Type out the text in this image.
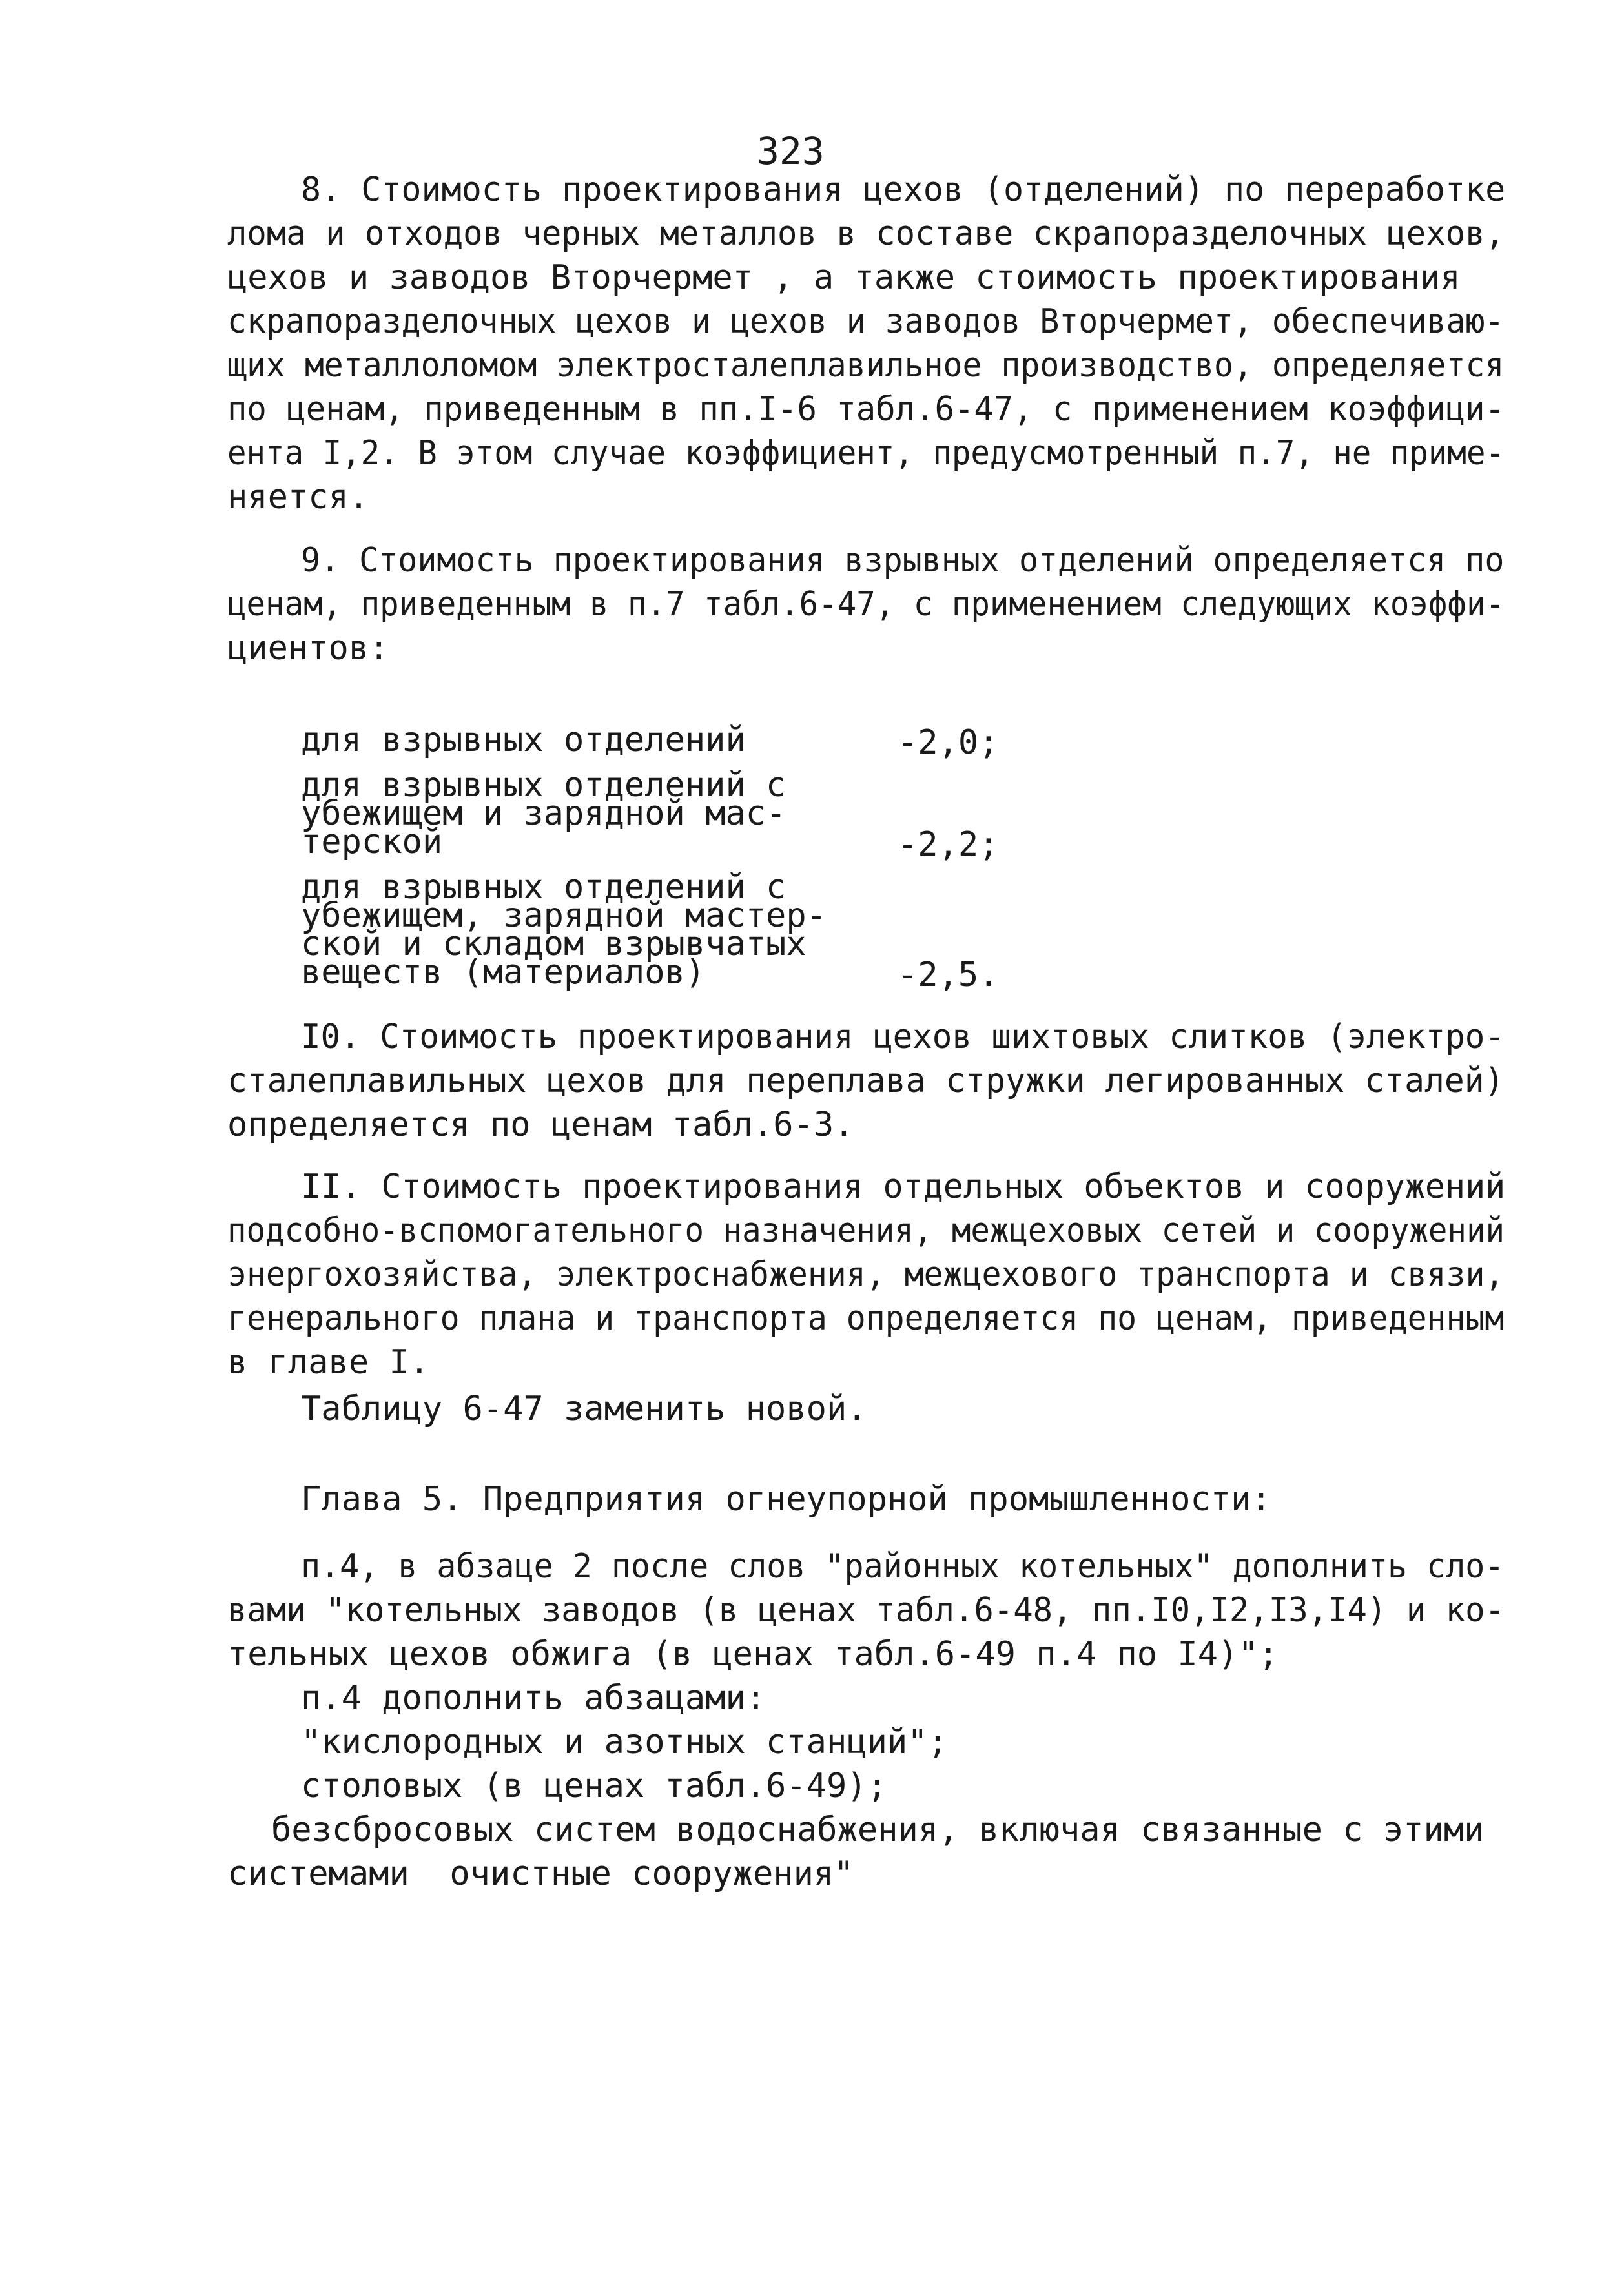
323
8. Стоимость проектирования цехов (отделений) по переработке
лома и отходов черных металлов в составе скрапоразделочных цехов,
цехов и заводов Вторчермет , а также стоимость проектирования
скрапоразделочных цехов и цехов и заводов Вторчермет, обеспечиваю-
щих металлоломом электросталеплавильное производство, определяется
по ценам, приведенным в пп.I-6 табл.6-47, с применением коэффици-
ента I,2. В этом случае коэффициент, предусмотренный п.7, не приме-
няется.
9. Стоимость проектирования взрывных отделений определяется по
ценам, приведенным в п.7 табл.6-47, с применением следующих коэффи-
циентов:
для взрывных отделений	-2,0;
для взрывных отделений с
убежищем и зарядной мас-
терской	-2,2;
для взрывных отделений с
убежищем, зарядной мастер-
ской и складом взрывчатых
веществ (материалов)	-2,5.
I0. Стоимость проектирования цехов шихтовых слитков (электро-
сталеплавильных цехов для переплава стружки легированных сталей)
определяется по ценам табл.6-3.
II. Стоимость проектирования отдельных объектов и сооружений
подсобно-вспомогательного назначения, межцеховых сетей и сооружений
энергохозяйства, электроснабжения, межцехового транспорта и связи,
генерального плана и транспорта определяется по ценам, приведенным
в главе I.
Таблицу 6-47 заменить новой.
Глава 5. Предприятия огнеупорной промышленности:
п.4, в абзаце 2 после слов "районных котельных" дополнить сло-
вами "котельных заводов (в ценах табл.6-48, пп.I0,I2,I3,I4) и ко-
тельных цехов обжига (в ценах табл.6-49 п.4 по I4)";
п.4 дополнить абзацами:
"кислородных и азотных станций";
столовых (в ценах табл.6-49);
безсбросовых систем водоснабжения, включая связанные с этими
системами  очистные сооружения"
